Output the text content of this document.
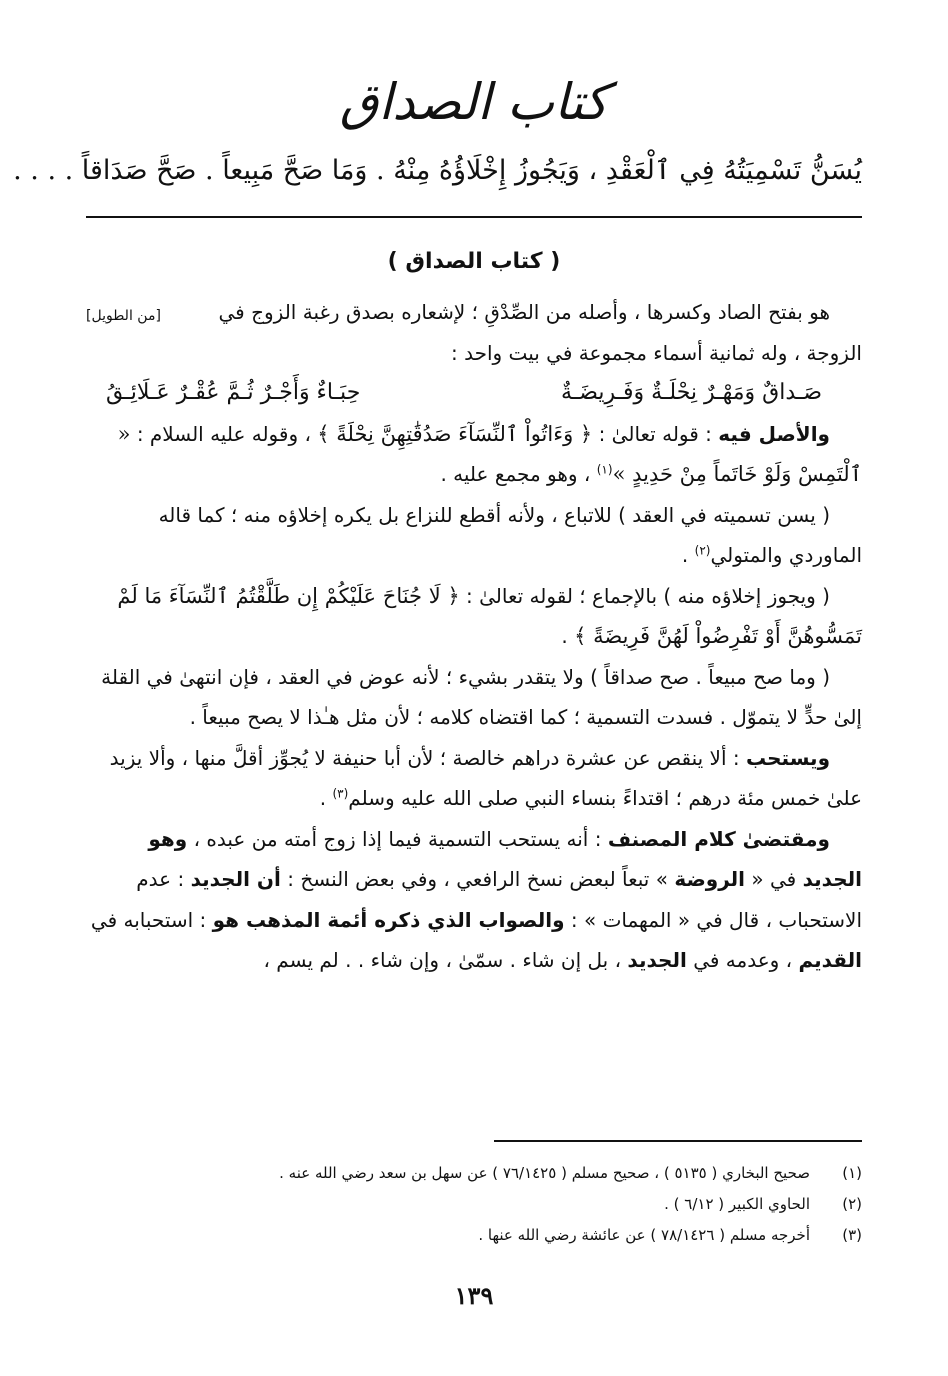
كتاب الصداق
يُسَنُّ تَسْمِيَتُهُ فِي ٱلْعَقْدِ ، وَيَجُوزُ إِخْلَاؤُهُ مِنْهُ . وَمَا صَحَّ مَبِيعاً . صَحَّ صَدَاقاً . . . .
( كتاب الصداق )

[من الطويل]	هو بفتح الصاد وكسرها ، وأصله من الصِّدْقِ ؛ لإشعاره بصدق رغبة الزوج في الزوجة ، وله ثمانية أسماء مجموعة في بيت واحد :

صَـداقٌ وَمَهْـرٌ نِحْلَـةٌ وَفَـرِيضَـةٌ
حِبَـاءٌ وَأَجْـرٌ ثُـمَّ عُقْـرٌ عَـلَائِـقُ

والأصل فيه : قوله تعالىٰ : ﴿ وَءَاتُواْ ٱلنِّسَآءَ صَدُقَٰتِهِنَّ نِحْلَةً ﴾ ، وقوله عليه السلام : « ٱلْتَمِسْ وَلَوْ خَاتَماً مِنْ حَدِيدٍ »$^{(١)}$ ، وهو مجمع عليه .

( يسن تسميته في العقد ) للاتباع ، ولأنه أقطع للنزاع بل يكره إخلاؤه منه ؛ كما قاله الماوردي والمتولي$^{(٢)}$ .

( ويجوز إخلاؤه منه ) بالإجماع ؛ لقوله تعالىٰ : ﴿ لَا جُنَاحَ عَلَيْكُمْ إِن طَلَّقْتُمُ ٱلنِّسَآءَ مَا لَمْ تَمَسُّوهُنَّ أَوْ تَفْرِضُواْ لَهُنَّ فَرِيضَةً ﴾ .

( وما صح مبيعاً . صح صداقاً ) ولا يتقدر بشيء ؛ لأنه عوض في العقد ، فإن انتهىٰ في القلة إلىٰ حدٍّ لا يتموّل . فسدت التسمية ؛ كما اقتضاه كلامه ؛ لأن مثل هـٰذا لا يصح مبيعاً .

ويستحب : ألا ينقص عن عشرة دراهم خالصة ؛ لأن أبا حنيفة لا يُجوِّز أقلَّ منها ، وألا يزيد علىٰ خمس مئة درهم ؛ اقتداءً بنساء النبي صلى الله عليه وسلم$^{(٣)}$ .

ومقتضىٰ كلام المصنف : أنه يستحب التسمية فيما إذا زوج أمته من عبده ، وهو الجديد في « الروضة » تبعاً لبعض نسخ الرافعي ، وفي بعض النسخ : أن الجديد : عدم الاستحباب ، قال في « المهمات » : والصواب الذي ذكره أئمة المذهب هو : استحبابه في القديم ، وعدمه في الجديد ، بل إن شاء . سمّىٰ ، وإن شاء . . لم يسم ،

(١)
صحيح البخاري ( ٥١٣٥ ) ، صحيح مسلم ( ٧٦/١٤٢٥ ) عن سهل بن سعد رضي الله عنه .
(٢)
الحاوي الكبير ( ٦/١٢ ) .
(٣)
أخرجه مسلم ( ٧٨/١٤٢٦ ) عن عائشة رضي الله عنها .
١٣٩
